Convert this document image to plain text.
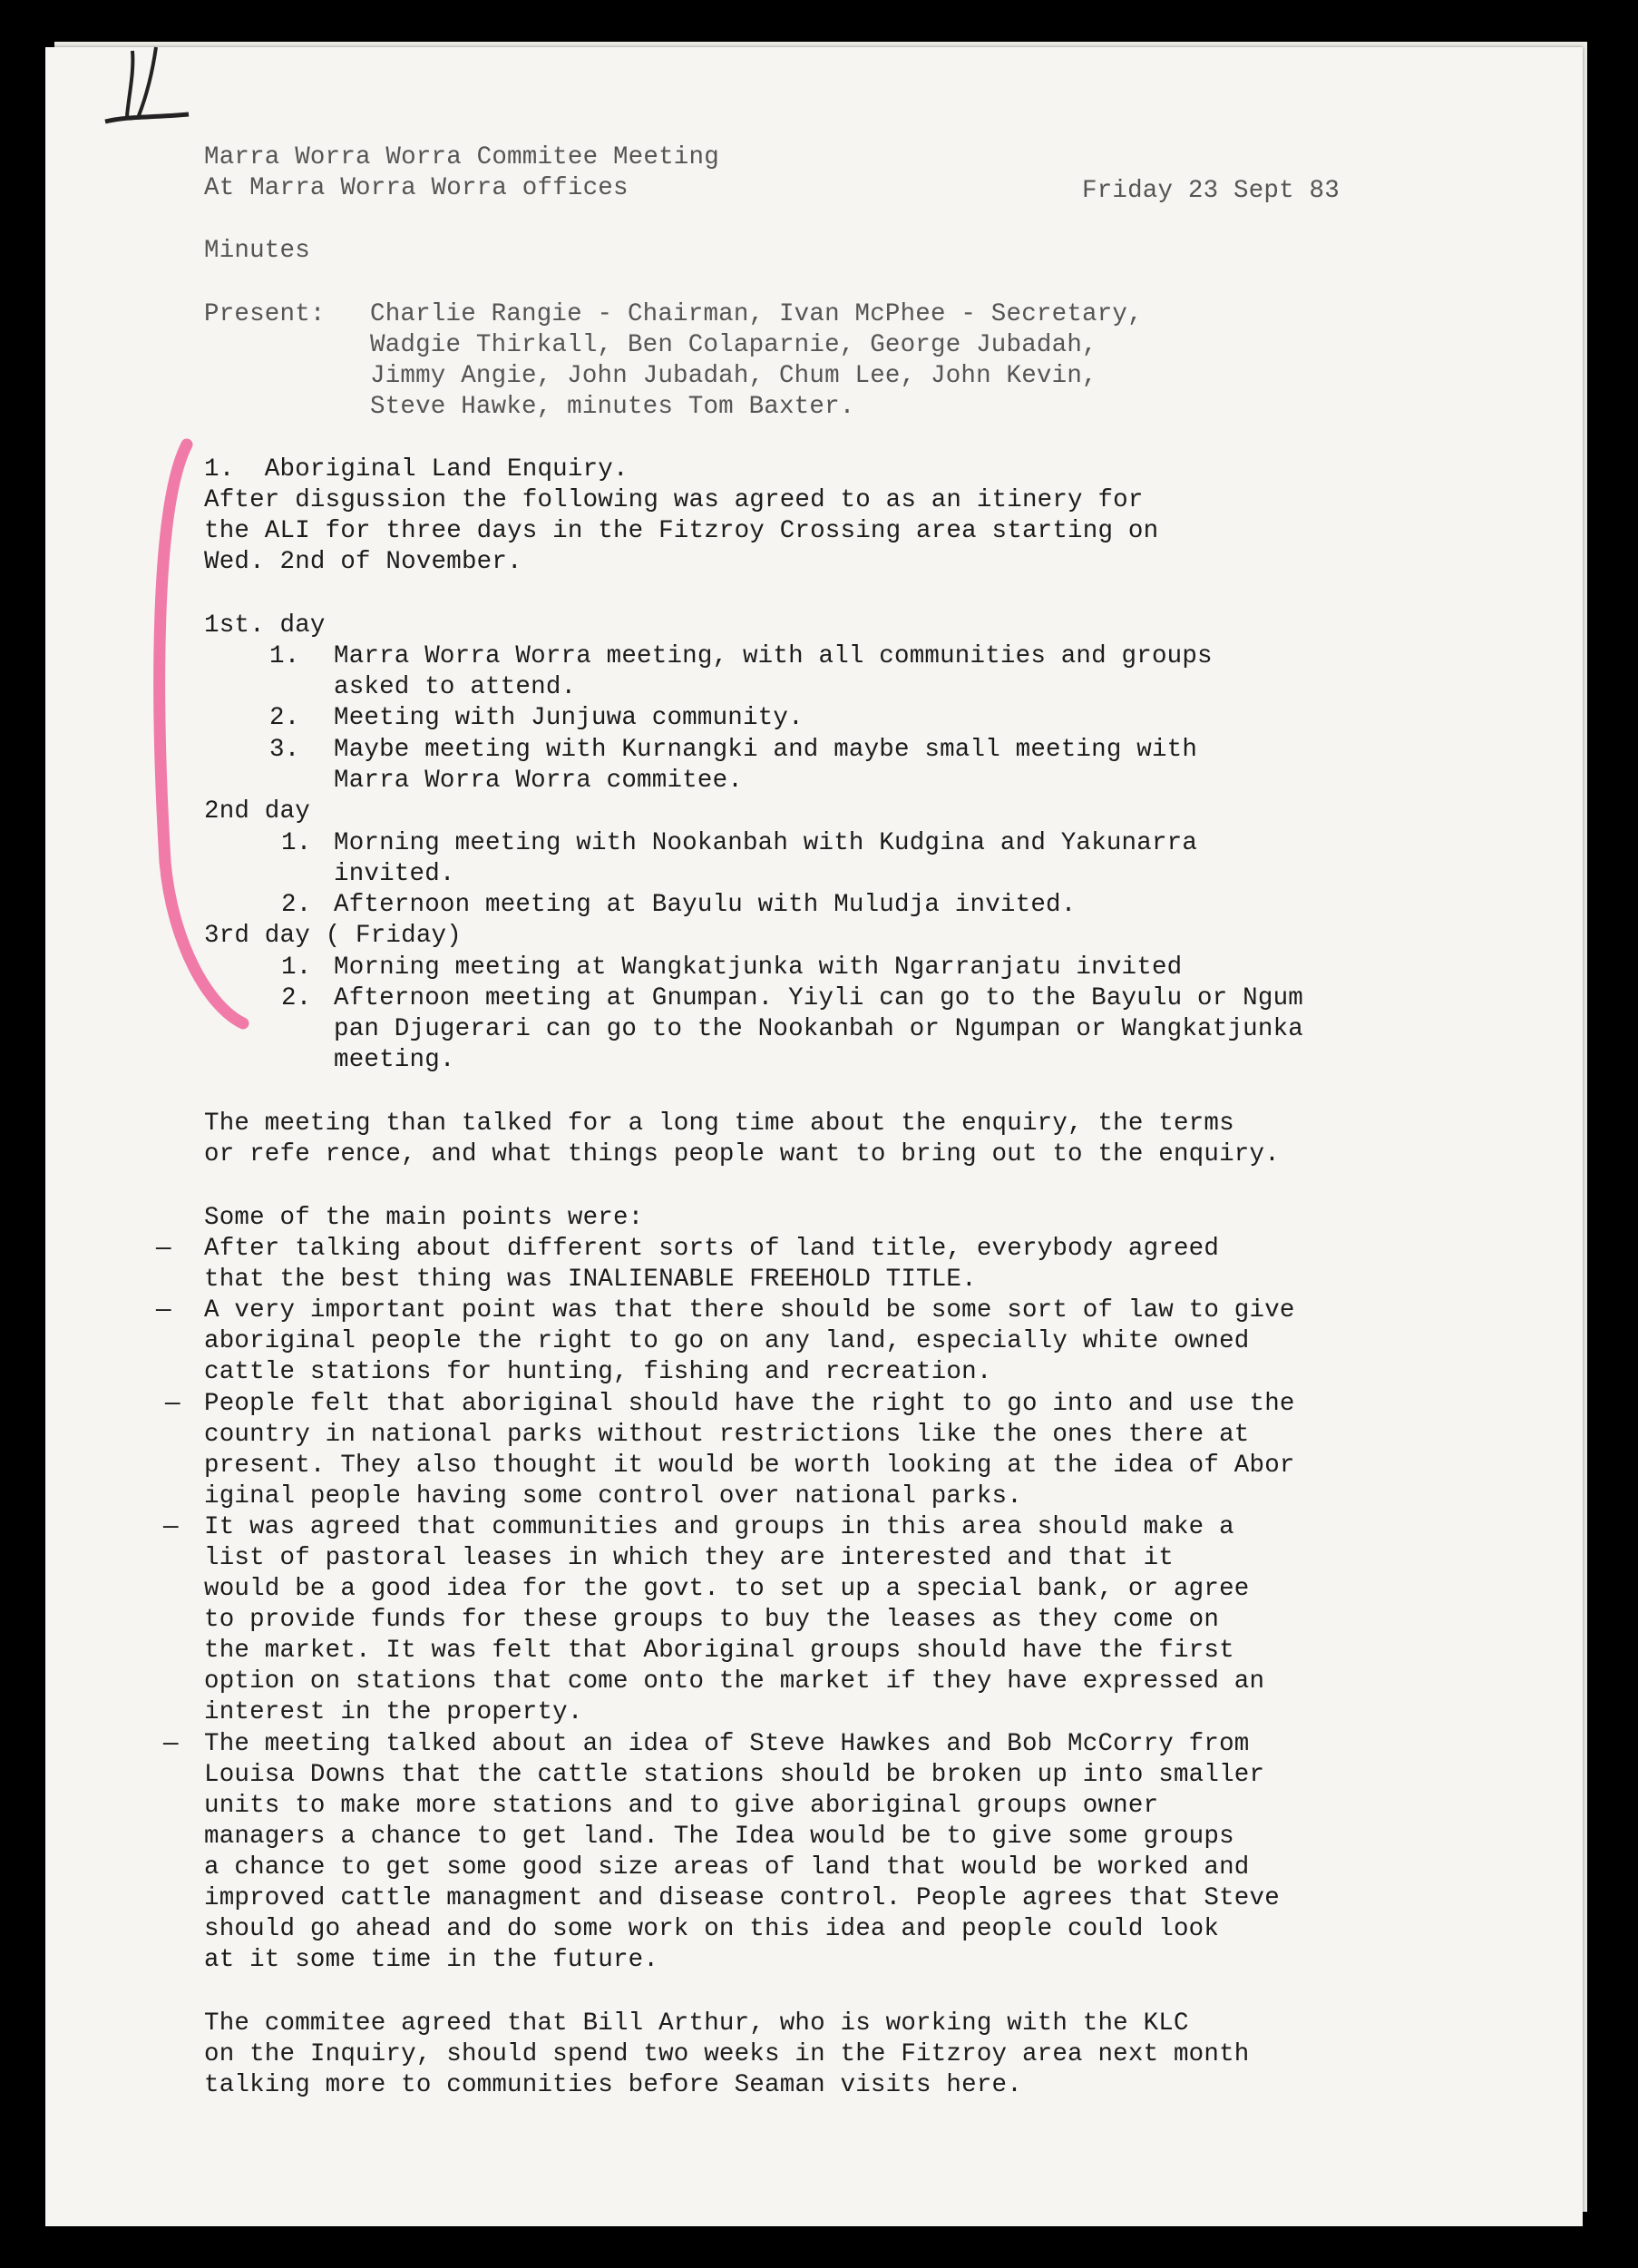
Marra Worra Worra Commitee Meeting
At Marra Worra Worra offices	Friday 23 Sept 83
Minutes
Present: Charlie Rangie - Chairman, Ivan McPhee - Secretary,
Wadgie Thirkall, Ben Colaparnie, George Jubadah,
Jimmy Angie, John Jubadah, Chum Lee, John Kevin,
Steve Hawke, minutes Tom Baxter.
1.  Aboriginal Land Enquiry.
After disgussion the following was agreed to as an itinery for
the ALI for three days in the Fitzroy Crossing area starting on
Wed. 2nd of November.
1st. day
1. Marra Worra Worra meeting, with all communities and groups
asked to attend.
2. Meeting with Junjuwa community.
3. Maybe meeting with Kurnangki and maybe small meeting with
Marra Worra Worra commitee.
2nd day
1. Morning meeting with Nookanbah with Kudgina and Yakunarra
invited.
2. Afternoon meeting at Bayulu with Muludja invited.
3rd day ( Friday)
1. Morning meeting at Wangkatjunka with Ngarranjatu invited
2. Afternoon meeting at Gnumpan. Yiyli can go to the Bayulu or Ngum
pan Djugerari can go to the Nookanbah or Ngumpan or Wangkatjunka
meeting.
The meeting than talked for a long time about the enquiry, the terms
or refe rence, and what things people want to bring out to the enquiry.
Some of the main points were:
— After talking about different sorts of land title, everybody agreed
that the best thing was INALIENABLE FREEHOLD TITLE.
— A very important point was that there should be some sort of law to give
aboriginal people the right to go on any land, especially white owned
cattle stations for hunting, fishing and recreation.
— People felt that aboriginal should have the right to go into and use the
country in national parks without restrictions like the ones there at
present. They also thought it would be worth looking at the idea of Abor
iginal people having some control over national parks.
— It was agreed that communities and groups in this area should make a
list of pastoral leases in which they are interested and that it
would be a good idea for the govt. to set up a special bank, or agree
to provide funds for these groups to buy the leases as they come on
the market. It was felt that Aboriginal groups should have the first
option on stations that come onto the market if they have expressed an
interest in the property.
— The meeting talked about an idea of Steve Hawkes and Bob McCorry from
Louisa Downs that the cattle stations should be broken up into smaller
units to make more stations and to give aboriginal groups owner
managers a chance to get land. The Idea would be to give some groups
a chance to get some good size areas of land that would be worked and
improved cattle managment and disease control. People agrees that Steve
should go ahead and do some work on this idea and people could look
at it some time in the future.
The commitee agreed that Bill Arthur, who is working with the KLC
on the Inquiry, should spend two weeks in the Fitzroy area next month
talking more to communities before Seaman visits here.
